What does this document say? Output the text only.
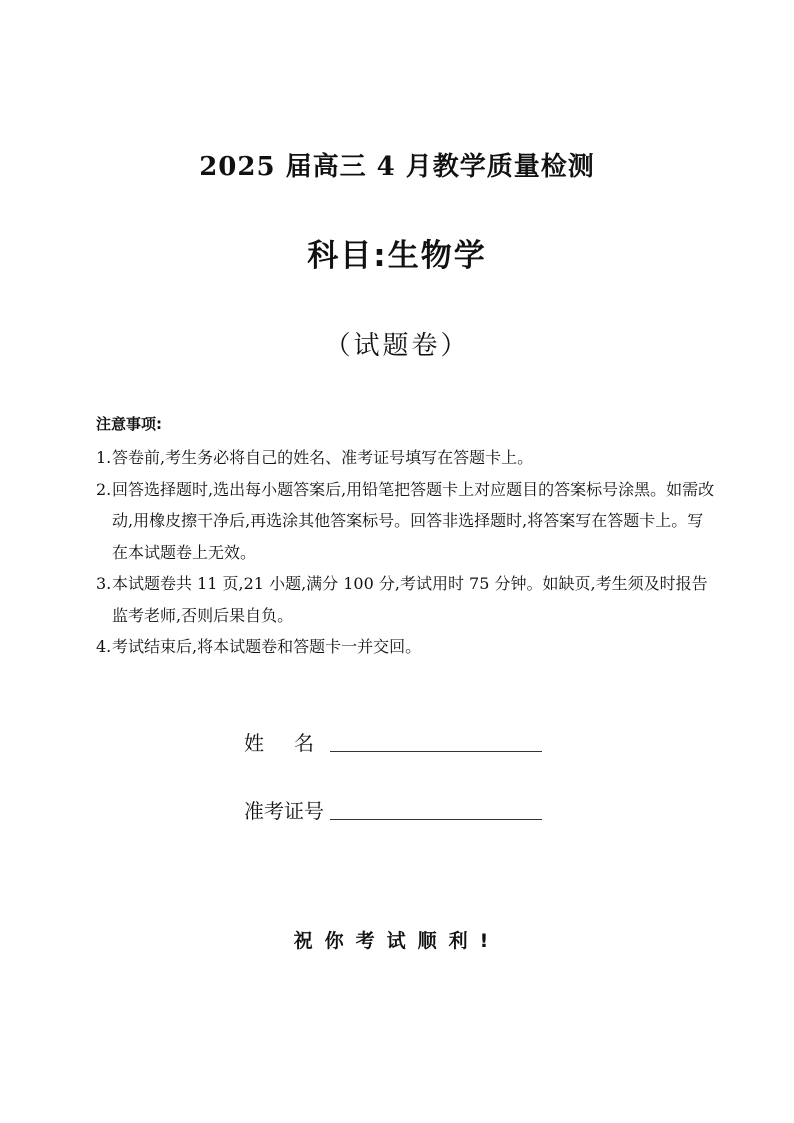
2025 届高三 4 月教学质量检测
科目:生物学
（试题卷）
注意事项:
1. 答卷前,考生务必将自己的姓名、准考证号填写在答题卡上。
2. 回答选择题时,选出每小题答案后,用铅笔把答题卡上对应题目的答案标号涂黑。如需改动,用橡皮擦干净后,再选涂其他答案标号。回答非选择题时,将答案写在答题卡上。写在本试题卷上无效。
3. 本试题卷共 11 页,21 小题,满分 100 分,考试用时 75 分钟。如缺页,考生须及时报告监考老师,否则后果自负。
4. 考试结束后,将本试题卷和答题卡一并交回。
姓名
准考证号
祝你考试顺利!
